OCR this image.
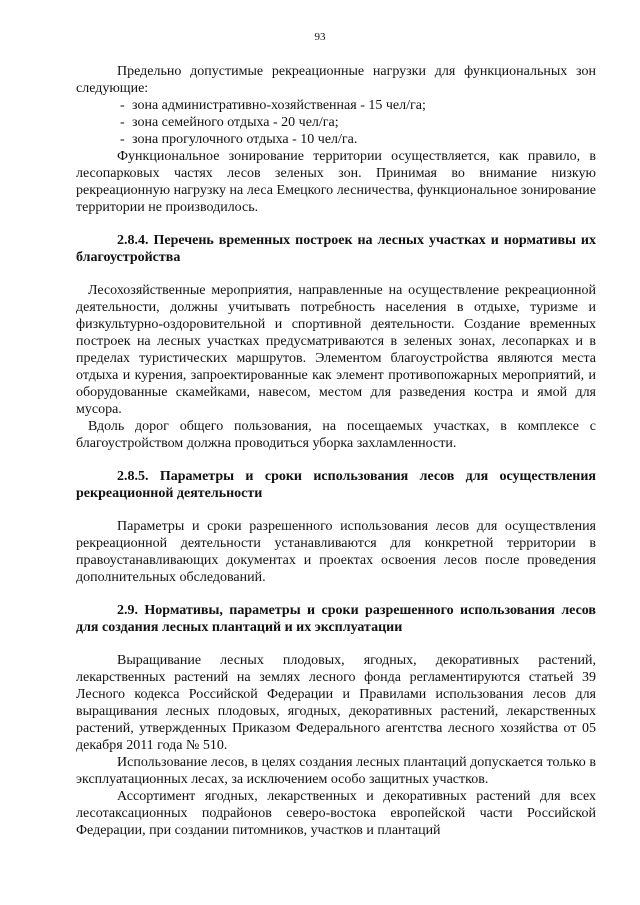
93

Предельно допустимые рекреационные нагрузки для функциональных зон следующие:

- зона административно-хозяйственная - 15 чел/га;
- зона семейного отдыха - 20 чел/га;
- зона прогулочного отдыха - 10 чел/га.

Функциональное зонирование территории осуществляется, как правило, в лесопарковых частях лесов зеленых зон. Принимая во внимание низкую рекреационную нагрузку на леса Емецкого лесничества, функциональное зонирование территории не производилось.

2.8.4. Перечень временных построек на лесных участках и нормативы их благоустройства

Лесохозяйственные мероприятия, направленные на осуществление рекреационной деятельности, должны учитывать потребность населения в отдыхе, туризме и физкультурно-оздоровительной и спортивной деятельности. Создание временных построек на лесных участках предусматриваются в зеленых зонах, лесопарках и в пределах туристических маршрутов. Элементом благоустройства являются места отдыха и курения, запроектированные как элемент противопожарных мероприятий, и оборудованные скамейками, навесом, местом для разведения костра и ямой для мусора.

Вдоль дорог общего пользования, на посещаемых участках, в комплексе с благоустройством должна проводиться уборка захламленности.

2.8.5. Параметры и сроки использования лесов для осуществления рекреационной деятельности

Параметры и сроки разрешенного использования лесов для осуществления рекреационной деятельности устанавливаются для конкретной территории в правоустанавливающих документах и проектах освоения лесов после проведения дополнительных обследований.

2.9. Нормативы, параметры и сроки разрешенного использования лесов для создания лесных плантаций и их эксплуатации

Выращивание лесных плодовых, ягодных, декоративных растений, лекарственных растений на землях лесного фонда регламентируются статьей 39 Лесного кодекса Российской Федерации и Правилами использования лесов для выращивания лесных плодовых, ягодных, декоративных растений, лекарственных растений, утвержденных Приказом Федерального агентства лесного хозяйства от 05 декабря 2011 года № 510.

Использование лесов, в целях создания лесных плантаций допускается только в эксплуатационных лесах, за исключением особо защитных участков.

Ассортимент ягодных, лекарственных и декоративных растений для всех лесотаксационных подрайонов северо-востока европейской части Российской Федерации, при создании питомников, участков и плантаций
